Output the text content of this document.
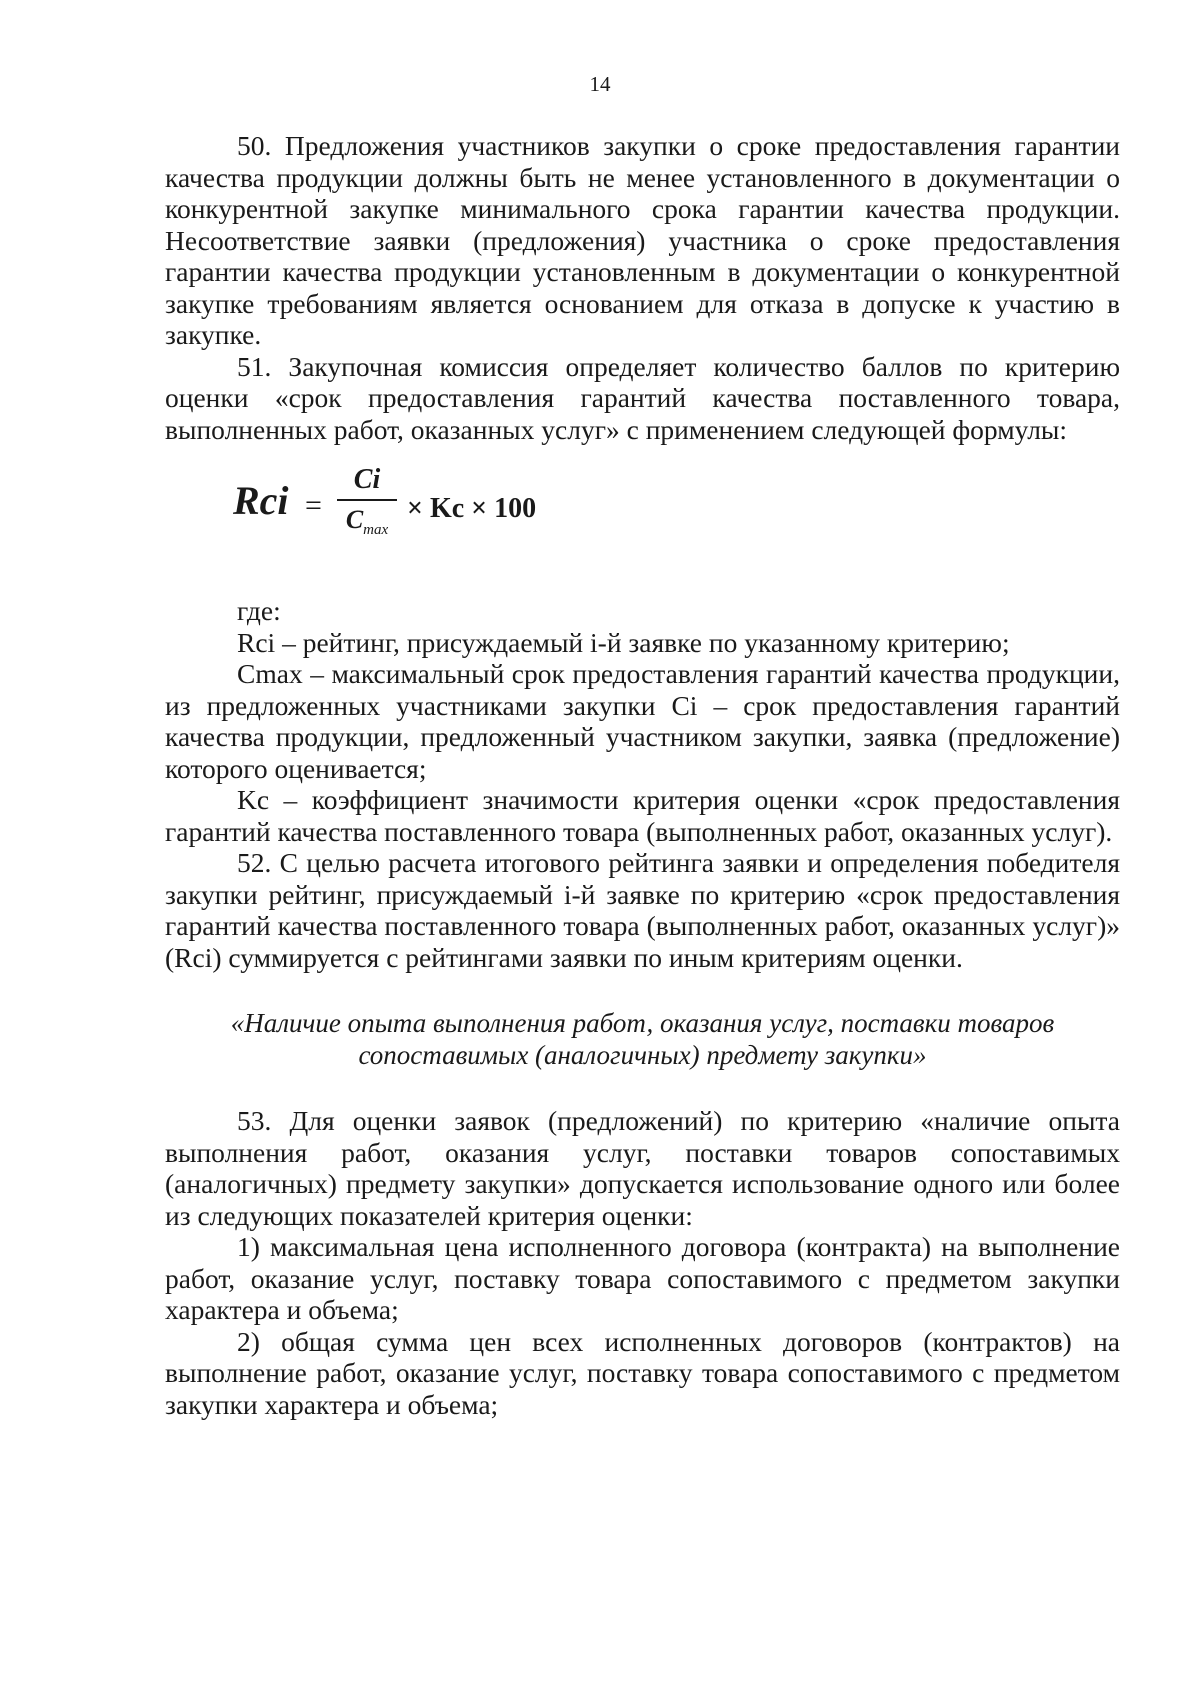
14

50. Предложения участников закупки о сроке предоставления гарантии качества продукции должны быть не менее установленного в документации о конкурентной закупке минимального срока гарантии качества продукции. Несоответствие заявки (предложения) участника о сроке предоставления гарантии качества продукции установленным в документации о конкурентной закупке требованиям является основанием для отказа в допуске к участию в закупке.

51. Закупочная комиссия определяет количество баллов по критерию оценки «срок предоставления гарантий качества поставленного товара, выполненных работ, оказанных услуг» с применением следующей формулы:

Rci =
Ci
$C_{max}$
× Kc × 100

где:

Rci – рейтинг, присуждаемый i-й заявке по указанному критерию;

Cmax – максимальный срок предоставления гарантий качества продукции, из предложенных участниками закупки Ci – срок предоставления гарантий качества продукции, предложенный участником закупки, заявка (предложение) которого оценивается;

Kc – коэффициент значимости критерия оценки «срок предоставления гарантий качества поставленного товара (выполненных работ, оказанных услуг).

52. С целью расчета итогового рейтинга заявки и определения победителя закупки рейтинг, присуждаемый i-й заявке по критерию «срок предоставления гарантий качества поставленного товара (выполненных работ, оказанных услуг)» (Rci) суммируется с рейтингами заявки по иным критериям оценки.

«Наличие опыта выполнения работ, оказания услуг, поставки товаров

сопоставимых (аналогичных) предмету закупки»

53. Для оценки заявок (предложений) по критерию «наличие опыта выполнения работ, оказания услуг, поставки товаров сопоставимых (аналогичных) предмету закупки» допускается использование одного или более из следующих показателей критерия оценки:

1) максимальная цена исполненного договора (контракта) на выполнение работ, оказание услуг, поставку товара сопоставимого с предметом закупки характера и объема;

2) общая сумма цен всех исполненных договоров (контрактов) на выполнение работ, оказание услуг, поставку товара сопоставимого с предметом закупки характера и объема;
